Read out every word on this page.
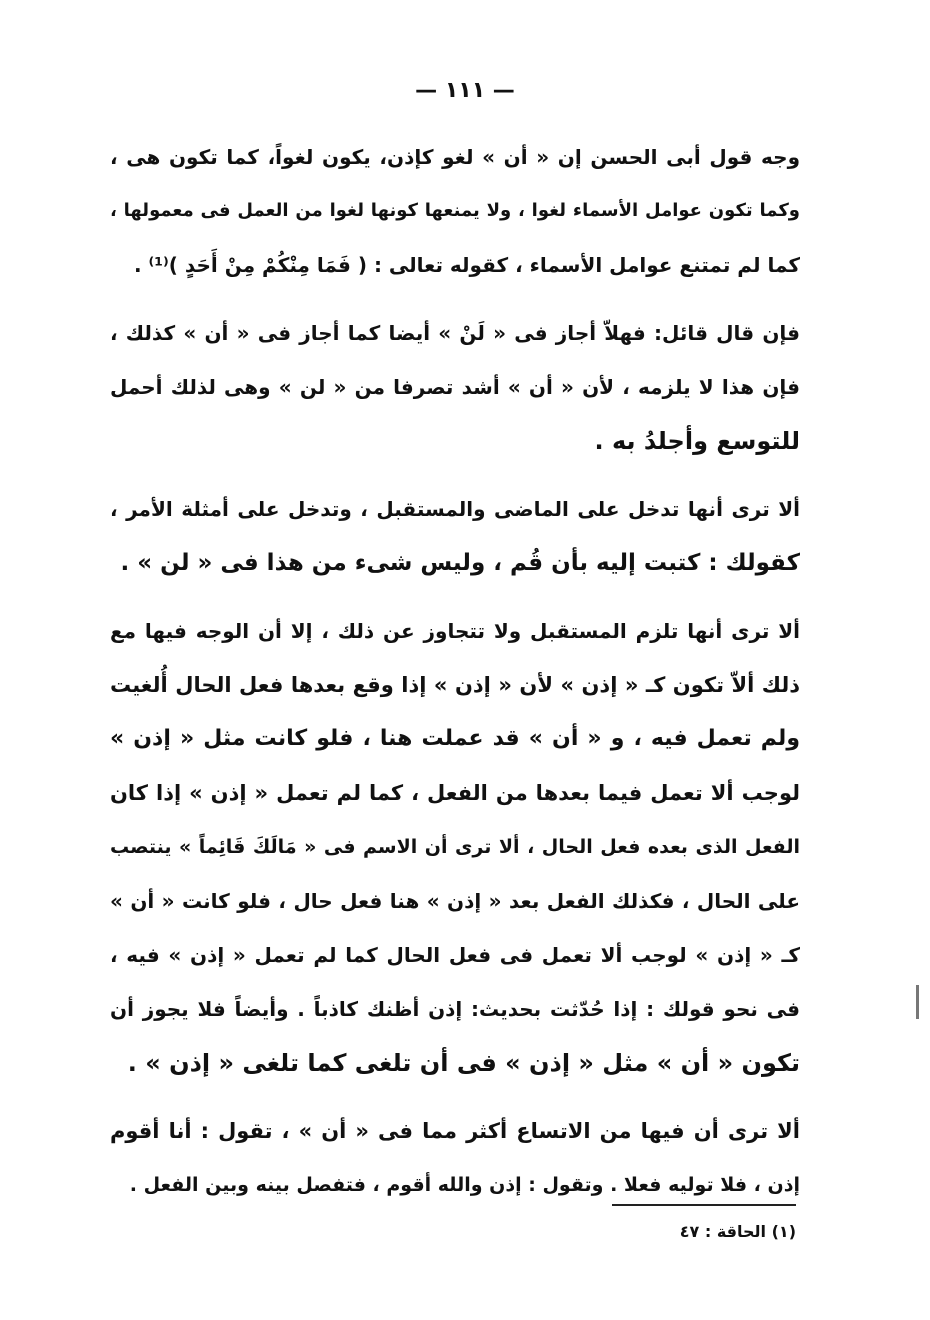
— ١١١ —
وجه قول أبى الحسن إن « أن » لغو كإذن، يكون لغواً، كما تكون هى ،
وكما تكون عوامل الأسماء لغوا ، ولا يمنعها كونها لغوا من العمل فى معمولها ،
كما لم تمتنع عوامل الأسماء ، كقوله تعالى : ( فَمَا مِنْكُمْ مِنْ أَحَدٍ )⁽¹⁾ .
فإن قال قائل: فهلاّ أجاز فى « لَنْ » أيضا كما أجاز فى « أن » كذلك ،
فإن هذا لا يلزمه ، لأن « أن » أشد تصرفا من « لن » وهى لذلك أحمل
للتوسع وأجلدُ به .
ألا ترى أنها تدخل على الماضى والمستقبل ، وتدخل على أمثلة الأمر ،
كقولك : كتبت إليه بأن قُم ، وليس شىء من هذا فى « لن » .
ألا ترى أنها تلزم المستقبل ولا تتجاوز عن ذلك ، إلا أن الوجه فيها مع
ذلك ألاّ تكون كـ « إذن » لأن « إذن » إذا وقع بعدها فعل الحال أُلغيت
ولم تعمل فيه ، و « أن » قد عملت هنا ، فلو كانت مثل « إذن »
لوجب ألا تعمل فيما بعدها من الفعل ، كما لم تعمل « إذن » إذا كان
الفعل الذى بعده فعل الحال ، ألا ترى أن الاسم فى « مَالَكَ قَائِماً » ينتصب
على الحال ، فكذلك الفعل بعد « إذن » هنا فعل حال ، فلو كانت « أن »
كـ « إذن » لوجب ألا تعمل فى فعل الحال كما لم تعمل « إذن » فيه ،
فى نحو قولك : إذا حُدّثت بحديث: إذن أظنك كاذباً . وأيضاً فلا يجوز أن
تكون « أن » مثل « إذن » فى أن تلغى كما تلغى « إذن » .
ألا ترى أن فيها من الاتساع أكثر مما فى « أن » ، تقول : أنا أقوم
إذن ، فلا توليه فعلا . وتقول : إذن والله أقوم ، فتفصل بينه وبين الفعل .
(١) الحاقة : ٤٧
